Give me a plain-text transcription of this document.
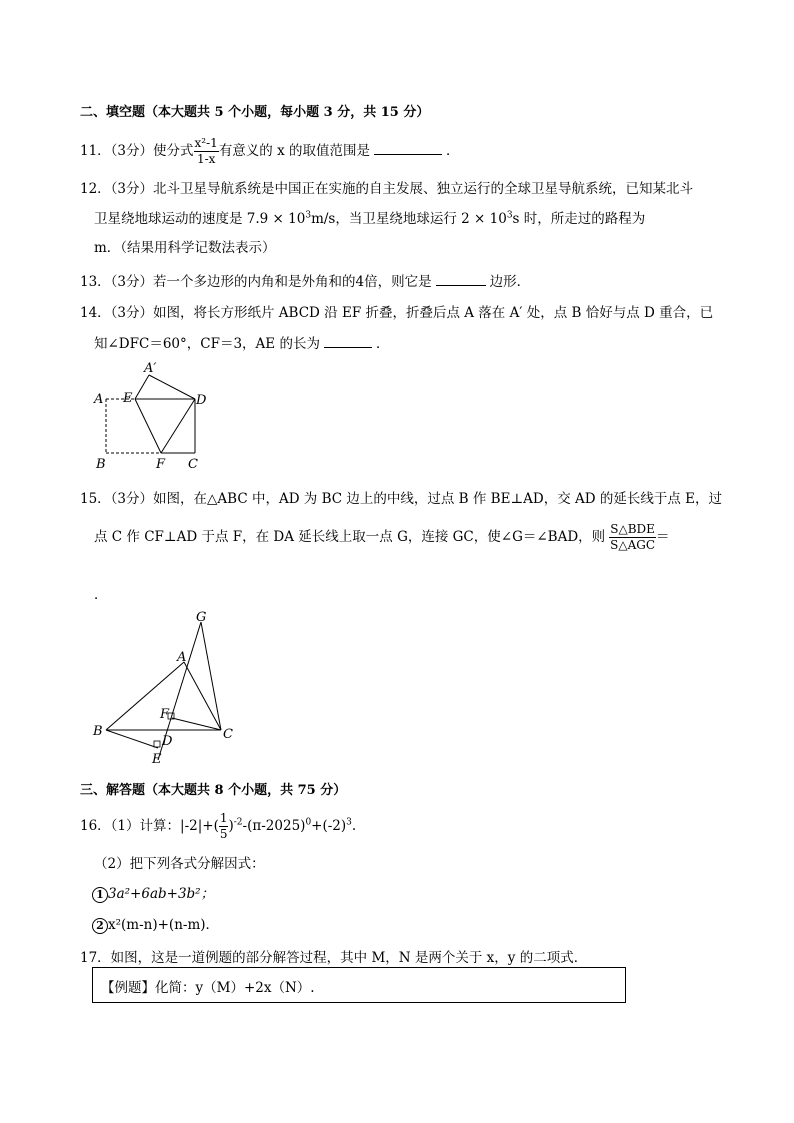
二、填空题（本大题共 5 个小题，每小题 3 分，共 15 分）
11．（3分）使分式 $\frac{\text{x²-1}}{1-x}$ 有意义的 x 的取值范围是	．
12．（3分）北斗卫星导航系统是中国正在实施的自主发展、独立运行的全球卫星导航系统，已知某北斗
卫星绕地球运动的速度是 $7.9 \times 10^3m/s$，当卫星绕地球运行 $2 \times 10^3s$ 时，所走过的路程为
m．（结果用科学记数法表示）
13．（3分）若一个多边形的内角和是外角和的4倍，则它是	边形．
14．（3分）如图，将长方形纸片 ABCD 沿 EF 折叠，折叠后点 A 落在 A′ 处，点 B 恰好与点 D 重合，已
知∠DFC＝60°，CF＝3，AE 的长为	．
A′
A E	D
B	F C
15．（3分）如图，在△ABC 中，AD 为 BC 边上的中线，过点 B 作 BE⊥AD，交 AD 的延长线于点 E，过
点 C 作 CF⊥AD 于点 F，在 DA 延长线上取一点 G，连接 GC，使∠G＝∠BAD，则 $\frac{\text{S△BDE}}{\text{S△AGC}}$ ＝
．
G
A
F
B
D	C
E
三、解答题（本大题共 8 个小题，共 75 分）
16．（1）计算：$|-2|+( \frac{1}{5} )^{-2}-(\pi-2025)^0+(-2)^3$.
（2）把下列各式分解因式：
1 3a²+6ab+3b²；
2 x²(m-n)+(n-m)．
17．如图，这是一道例题的部分解答过程，其中 M，N 是两个关于 x，y 的二项式．
【例题】化简：y（M）+2x（N）.
